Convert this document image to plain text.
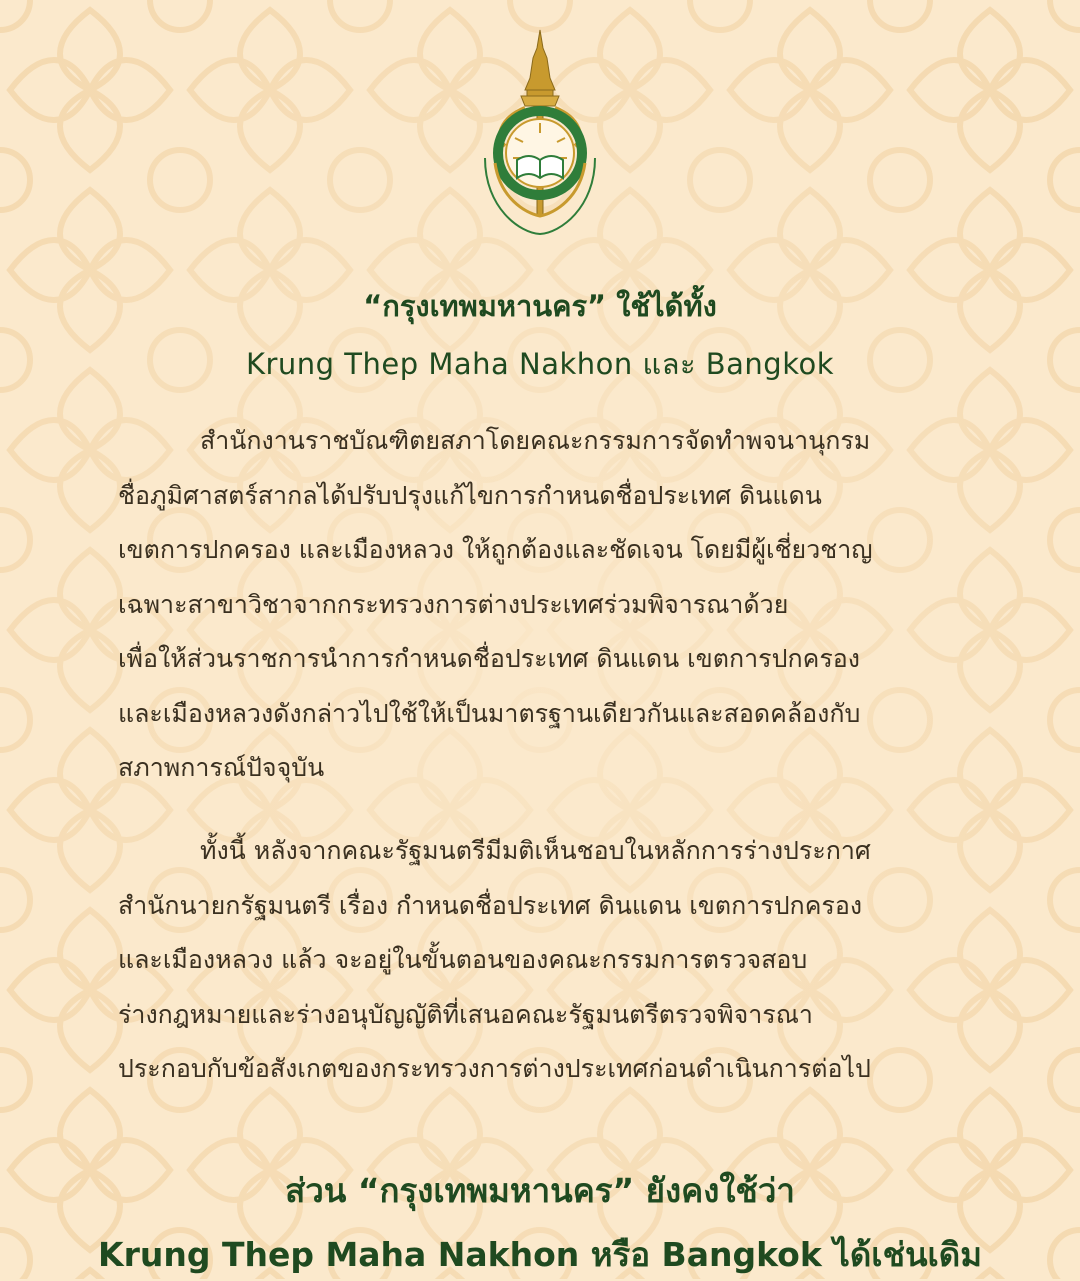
“กรุงเทพมหานคร” ใช้ได้ทั้ง
Krung Thep Maha Nakhon และ Bangkok
สำนักงานราชบัณฑิตยสภาโดยคณะกรรมการจัดทำพจนานุกรม
ชื่อภูมิศาสตร์สากลได้ปรับปรุงแก้ไขการกำหนดชื่อประเทศ ดินแดน
เขตการปกครอง และเมืองหลวง ให้ถูกต้องและชัดเจน โดยมีผู้เชี่ยวชาญ
เฉพาะสาขาวิชาจากกระทรวงการต่างประเทศร่วมพิจารณาด้วย
เพื่อให้ส่วนราชการนำการกำหนดชื่อประเทศ ดินแดน เขตการปกครอง
และเมืองหลวงดังกล่าวไปใช้ให้เป็นมาตรฐานเดียวกันและสอดคล้องกับ
สภาพการณ์ปัจจุบัน
ทั้งนี้ หลังจากคณะรัฐมนตรีมีมติเห็นชอบในหลักการร่างประกาศ
สำนักนายกรัฐมนตรี เรื่อง กำหนดชื่อประเทศ ดินแดน เขตการปกครอง
และเมืองหลวง แล้ว จะอยู่ในขั้นตอนของคณะกรรมการตรวจสอบ
ร่างกฎหมายและร่างอนุบัญญัติที่เสนอคณะรัฐมนตรีตรวจพิจารณา
ประกอบกับข้อสังเกตของกระทรวงการต่างประเทศก่อนดำเนินการต่อไป
ส่วน “กรุงเทพมหานคร” ยังคงใช้ว่า
Krung Thep Maha Nakhon หรือ Bangkok ได้เช่นเดิม
